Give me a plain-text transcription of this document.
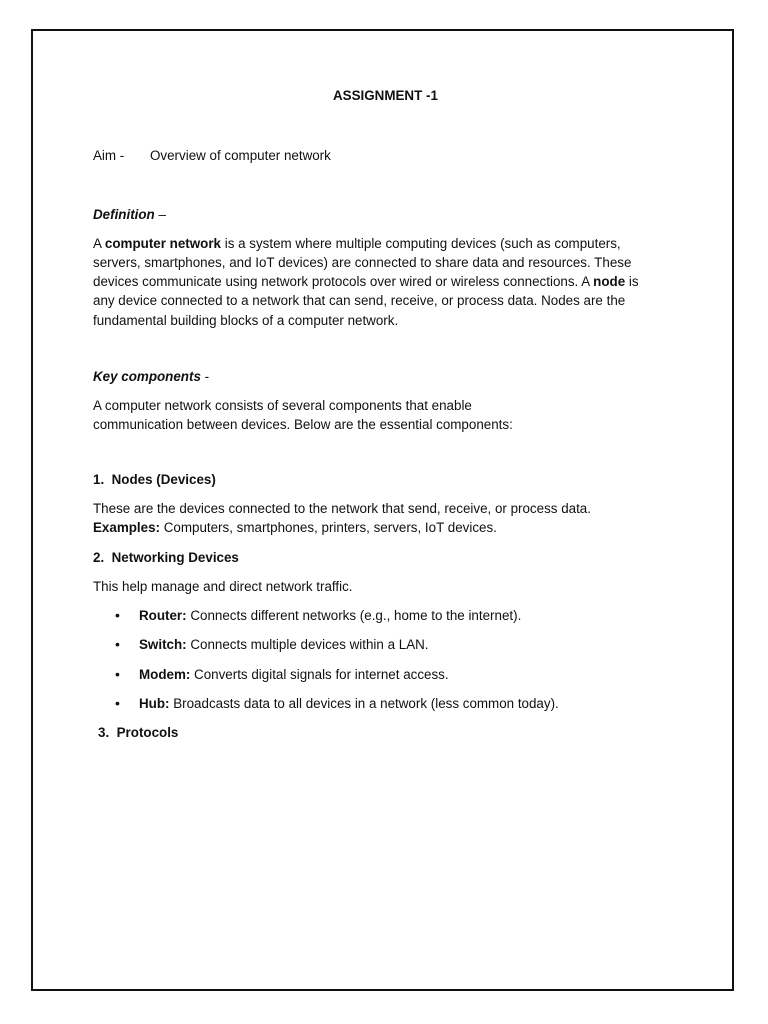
ASSIGNMENT -1
Aim - Overview of computer network
Definition –
A computer network is a system where multiple computing devices (such as computers,
servers, smartphones, and IoT devices) are connected to share data and resources. These
devices communicate using network protocols over wired or wireless connections. A node is
any device connected to a network that can send, receive, or process data. Nodes are the
fundamental building blocks of a computer network.
Key components -
A computer network consists of several components that enable
communication between devices. Below are the essential components:
1. Nodes (Devices)
These are the devices connected to the network that send, receive, or process data.
Examples: Computers, smartphones, printers, servers, IoT devices.
2. Networking Devices
This help manage and direct network traffic.
• Router: Connects different networks (e.g., home to the internet).
• Switch: Connects multiple devices within a LAN.
• Modem: Converts digital signals for internet access.
• Hub: Broadcasts data to all devices in a network (less common today).
3. Protocols
